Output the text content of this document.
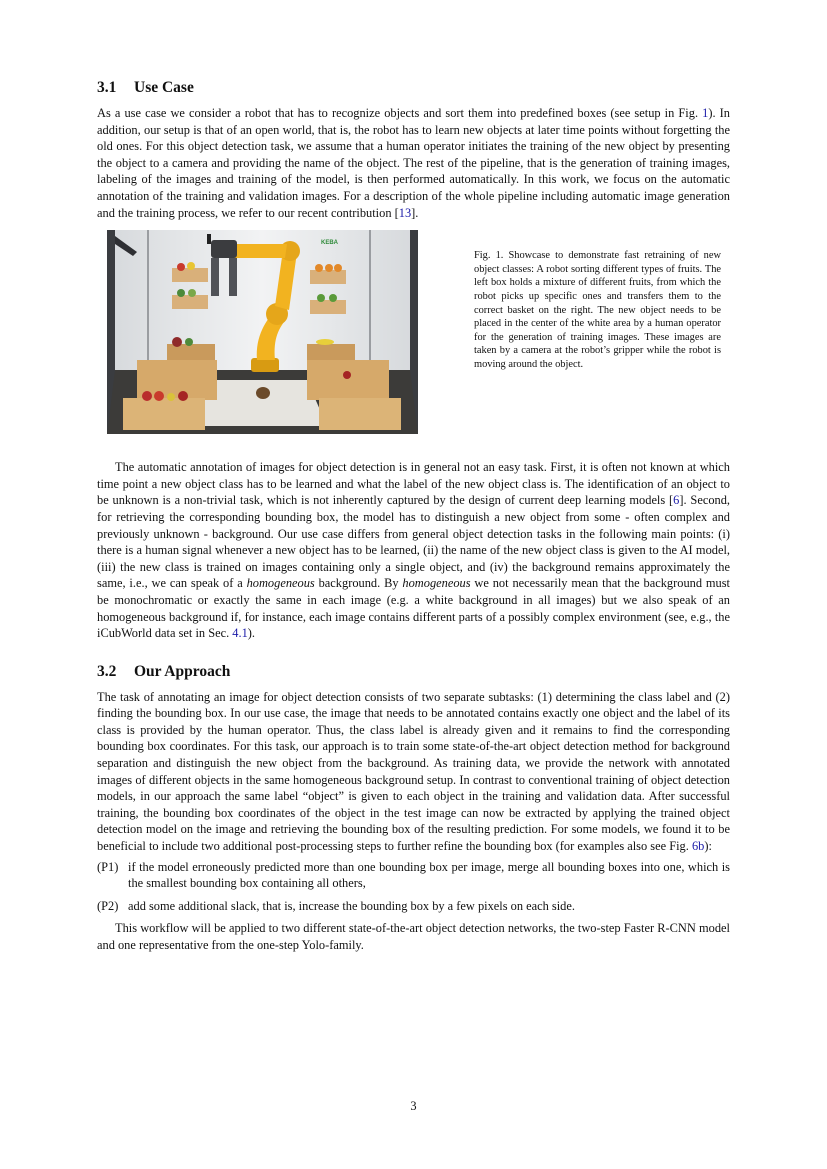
3.1 Use Case

As a use case we consider a robot that has to recognize objects and sort them into predefined boxes (see setup in Fig. 1). In addition, our setup is that of an open world, that is, the robot has to learn new objects at later time points without forgetting the old ones. For this object detection task, we assume that a human operator initiates the training of the new object by presenting the object to a camera and providing the name of the object. The rest of the pipeline, that is the generation of training images, labeling of the images and training of the model, is then performed automatically. In this work, we focus on the automatic annotation of the training and validation images. For a description of the whole pipeline including automatic image generation and the training process, we refer to our recent contribution [13].

KEBA
Fig. 1. Showcase to demonstrate fast retraining of new object classes: A robot sorting different types of fruits. The left box holds a mixture of different fruits, from which the robot picks up specific ones and transfers them to the correct basket on the right. The new object needs to be placed in the center of the white area by a human operator for the generation of training images. These images are taken by a camera at the robot’s gripper while the robot is moving around the object.

The automatic annotation of images for object detection is in general not an easy task. First, it is often not known at which time point a new object class has to be learned and what the label of the new object class is. The identification of an object to be unknown is a non-trivial task, which is not inherently captured by the design of current deep learning models [6]. Second, for retrieving the corresponding bounding box, the model has to distinguish a new object from some - often complex and previously unknown - background. Our use case differs from general object detection tasks in the following main points: (i) there is a human signal whenever a new object has to be learned, (ii) the name of the new object class is given to the AI model, (iii) the new class is trained on images containing only a single object, and (iv) the background remains approximately the same, i.e., we can speak of a homogeneous background. By homogeneous we not necessarily mean that the background must be monochromatic or exactly the same in each image (e.g. a white background in all images) but we also speak of an homogeneous background if, for instance, each image contains different parts of a possibly complex environment (see, e.g., the iCubWorld data set in Sec. 4.1).

3.2 Our Approach

The task of annotating an image for object detection consists of two separate subtasks: (1) determining the class label and (2) finding the bounding box. In our use case, the image that needs to be annotated contains exactly one object and the label of its class is provided by the human operator. Thus, the class label is already given and it remains to find the corresponding bounding box coordinates. For this task, our approach is to train some state-of-the-art object detection method for background separation and distinguish the new object from the background. As training data, we provide the network with annotated images of different objects in the same homogeneous background setup. In contrast to conventional training of object detection models, in our approach the same label “object” is given to each object in the training and validation data. After successful training, the bounding box coordinates of the object in the test image can now be extracted by applying the trained object detection model on the image and retrieving the bounding box of the resulting prediction. For some models, we found it to be beneficial to include two additional post-processing steps to further refine the bounding box (for examples also see Fig. 6b):

(P1) if the model erroneously predicted more than one bounding box per image, merge all bounding boxes into one, which is the smallest bounding box containing all others,
(P2) add some additional slack, that is, increase the bounding box by a few pixels on each side.

This workflow will be applied to two different state-of-the-art object detection networks, the two-step Faster R-CNN model and one representative from the one-step Yolo-family.

3
